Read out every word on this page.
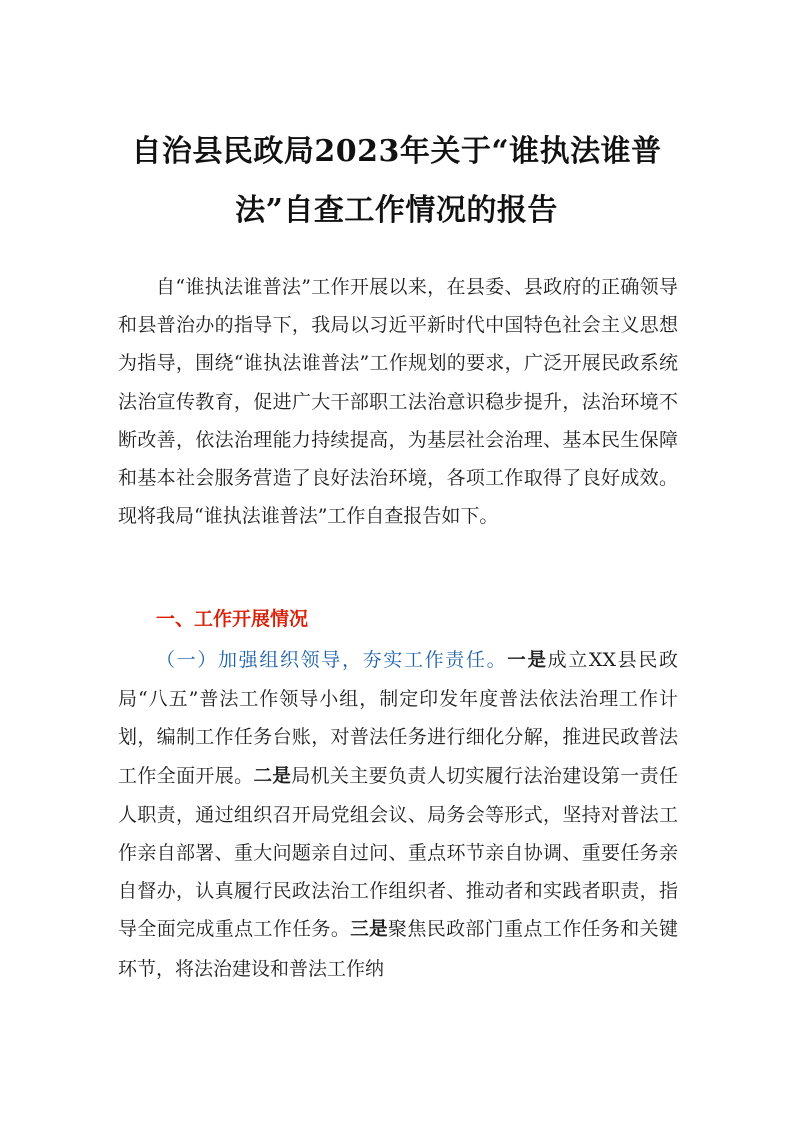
自治县民政局2023年关于“谁执法谁普
法”自查工作情况的报告

自“谁执法谁普法”工作开展以来，在县委、县政府的正确领导和县普治办的指导下，我局以习近平新时代中国特色社会主义思想为指导，围绕“谁执法谁普法”工作规划的要求，广泛开展民政系统法治宣传教育，促进广大干部职工法治意识稳步提升，法治环境不断改善，依法治理能力持续提高，为基层社会治理、基本民生保障和基本社会服务营造了良好法治环境，各项工作取得了良好成效。现将我局“谁执法谁普法”工作自查报告如下。

一、工作开展情况

（一）加强组织领导，夯实工作责任。一是成立XX县民政局“八五”普法工作领导小组，制定印发年度普法依法治理工作计划，编制工作任务台账，对普法任务进行细化分解，推进民政普法工作全面开展。二是局机关主要负责人切实履行法治建设第一责任人职责，通过组织召开局党组会议、局务会等形式，坚持对普法工作亲自部署、重大问题亲自过问、重点环节亲自协调、重要任务亲自督办，认真履行民政法治工作组织者、推动者和实践者职责，指导全面完成重点工作任务。三是聚焦民政部门重点工作任务和关键环节，将法治建设和普法工作纳
